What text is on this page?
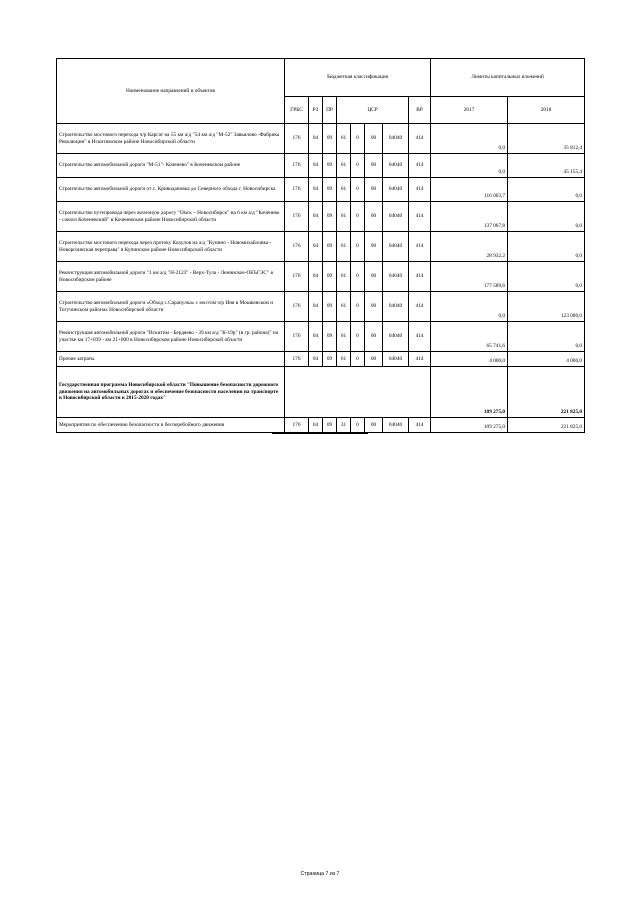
Наименование направлений и объектов	Бюджетная классификация								Лимиты капитальных вложений	
	ГРБС	РЗ	ПР	ЦСР				ВР	2017	2018
Строительство мостового перехода ч/р Каргат на 55 км а/д "54 км а/д "М-52" Завьялово -Фабрика Революции" в Искитимском районе Новосибирской области	176	04	09	61	0	00	04040	414	0,0	35 812,4
Строительство автомобильной дороги "М-51"- Коченево" в Коченевском районе	176	04	09	61	0	00	04040	414	0,0	45 155,4
Строительство автомобильной дороги от с. Криводановка до Северного обхода г. Новосибирска	176	04	09	61	0	00	04040	414	116 003,7	0,0
Строительство путепровода через железную дорогу "Омск – Новосибирск" на 6 км а/д "Коченево - совхоз Коченевский" в Коченевском районе Новосибирской области	176	04	09	61	0	00	04040	414	137 067,8	0,0
Строительство мостового перехода через протоку Кохулов на а/д "Купино - Новомихайловка - Новорозинская переправа" в Купинском районе Новосибирской области	176	04	09	61	0	00	04040	414	28 932,2	0,0
Реконструкция автомобильной дороги "1 км а/д "Н-2123" - Верх-Тула - Ленинское-ОБЪГЭС" в Новосибирском районе	176	04	09	61	0	00	04040	414	177 589,6	0,0
Строительство автомобильной дороги «Обход с.Сарапулка» с мостом ч/р Иня в Мошковском и Тогучинском районах Новосибирской области	176	04	09	61	0	00	04040	414	0,0	123 000,0
Реконструкция автомобильной дороги "Искитим - Бердяево - 39 км а/д "К-19р" (в гр. района)" на участке км 17+039 - км 21+000 в Новосибирском районе Новосибирской области	176	04	09	61	0	00	04040	414	65 741,6	0,0
Прочие затраты	176	04	09	61	0	00	04040	414	4 000,0	4 000,0
Государственная программа Новосибирской области "Повышение безопасности дорожного движения на автомобильных дорогах и обеспечение безопасности населения на транспорте в Новосибирской области в 2015-2020 годах"									109 275,0	221 825,0
Мероприятия по обеспечению безопасности и бесперебойного движения	176	04	09	31	0	00	04040	414	109 275,0	221 825,0
Страница 7 из 7
